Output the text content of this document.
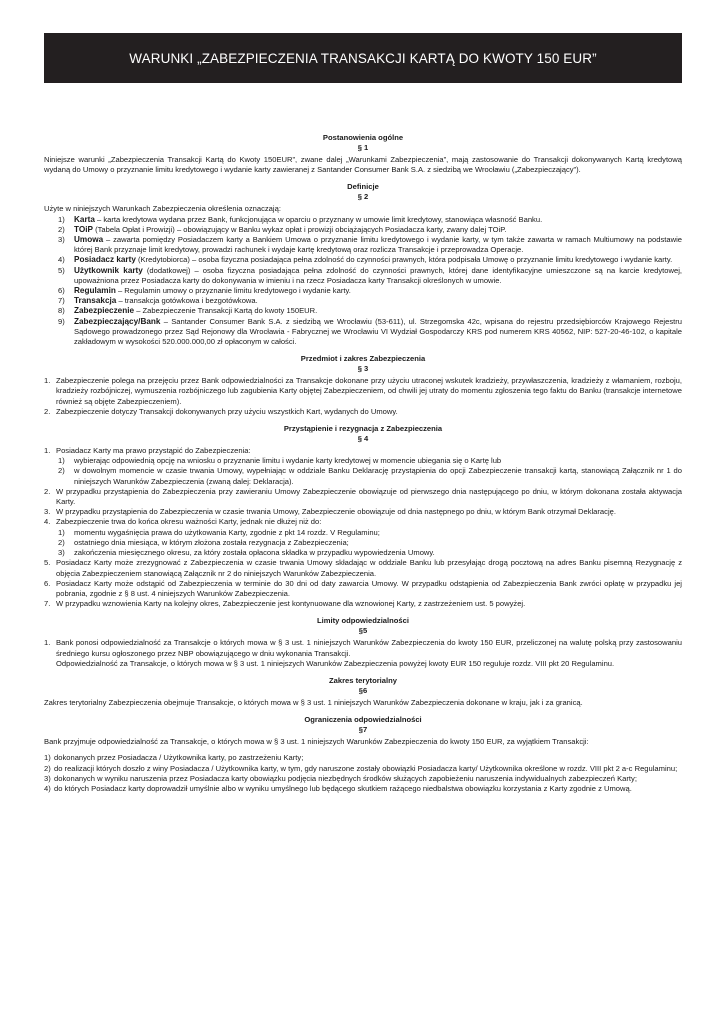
WARUNKI „ZABEZPIECZENIA TRANSAKCJI KARTĄ DO KWOTY 150 EUR”
Postanowienia ogólne
§ 1
Niniejsze warunki „Zabezpieczenia Transakcji Kartą do Kwoty 150EUR”, zwane dalej „Warunkami Zabezpieczenia”, mają zastosowanie do Transakcji dokonywanych Kartą kredytową wydaną do Umowy o przyznanie limitu kredytowego i wydanie karty zawieranej z Santander Consumer Bank S.A. z siedzibą we Wrocławiu („Zabezpieczający”).
Definicje
§ 2
Użyte w niniejszych Warunkach Zabezpieczenia określenia oznaczają:
1) Karta – karta kredytowa wydana przez Bank, funkcjonująca w oparciu o przyznany w umowie limit kredytowy, stanowiąca własność Banku.
2) TOiP (Tabela Opłat i Prowizji) – obowiązujący w Banku wykaz opłat i prowizji obciążających Posiadacza karty, zwany dalej TOiP.
3) Umowa – zawarta pomiędzy Posiadaczem karty a Bankiem Umowa o przyznanie limitu kredytowego i wydanie karty, w tym także zawarta w ramach Multiumowy na podstawie której Bank przyznaje limit kredytowy, prowadzi rachunek i wydaje kartę kredytową oraz rozlicza Transakcje i przeprowadza Operacje.
4) Posiadacz karty (Kredytobiorca) – osoba fizyczna posiadająca pełna zdolność do czynności prawnych, która podpisała Umowę o przyznanie limitu kredytowego i wydanie karty.
5) Użytkownik karty (dodatkowej) – osoba fizyczna posiadająca pełna zdolność do czynności prawnych, której dane identyfikacyjne umieszczone są na karcie kredytowej, upoważniona przez Posiadacza karty do dokonywania w imieniu i na rzecz Posiadacza karty Transakcji określonych w umowie.
6) Regulamin – Regulamin umowy o przyznanie limitu kredytowego i wydanie karty.
7) Transakcja – transakcja gotówkowa i bezgotówkowa.
8) Zabezpieczenie – Zabezpieczenie Transakcji Kartą do kwoty 150EUR.
9) Zabezpieczający/Bank – Santander Consumer Bank S.A. z siedzibą we Wrocławiu (53-611), ul. Strzegomska 42c, wpisana do rejestru przedsiębiorców Krajowego Rejestru Sądowego prowadzonego przez Sąd Rejonowy dla Wrocławia - Fabrycznej we Wrocławiu VI Wydział Gospodarczy KRS pod numerem KRS 40562, NIP: 527-20-46-102, o kapitale zakładowym w wysokości 520.000.000,00 zł opłaconym w całości.
Przedmiot i zakres Zabezpieczenia
§ 3
1. Zabezpieczenie polega na przejęciu przez Bank odpowiedzialności za Transakcje dokonane przy użyciu utraconej wskutek kradzieży, przywłaszczenia, kradzieży z włamaniem, rozboju, kradzieży rozbójniczej, wymuszenia rozbójniczego lub zagubienia Karty objętej Zabezpieczeniem, od chwili jej utraty do momentu zgłoszenia tego faktu do Banku (transakcje internetowe również są objęte Zabezpieczeniem).
2. Zabezpieczenie dotyczy Transakcji dokonywanych przy użyciu wszystkich Kart, wydanych do Umowy.
Przystąpienie i rezygnacja z Zabezpieczenia
§ 4
1. Posiadacz Karty ma prawo przystąpić do Zabezpieczenia:
1) wybierając odpowiednią opcję na wniosku o przyznanie limitu i wydanie karty kredytowej w momencie ubiegania się o Kartę lub
2) w dowolnym momencie w czasie trwania Umowy, wypełniając w oddziale Banku Deklarację przystąpienia do opcji Zabezpieczenie transakcji kartą, stanowiącą Załącznik nr 1 do niniejszych Warunków Zabezpieczenia (zwaną dalej: Deklaracja).
2. W przypadku przystąpienia do Zabezpieczenia przy zawieraniu Umowy Zabezpieczenie obowiązuje od pierwszego dnia następującego po dniu, w którym dokonana została aktywacja Karty.
3. W przypadku przystąpienia do Zabezpieczenia w czasie trwania Umowy, Zabezpieczenie obowiązuje od dnia następnego po dniu, w którym Bank otrzymał Deklarację.
4. Zabezpieczenie trwa do końca okresu ważności Karty, jednak nie dłużej niż do:
1) momentu wygaśnięcia prawa do użytkowania Karty, zgodnie z pkt 14 rozdz. V Regulaminu;
2) ostatniego dnia miesiąca, w którym złożona została rezygnacja z Zabezpieczenia;
3) zakończenia miesięcznego okresu, za który została opłacona składka w przypadku wypowiedzenia Umowy.
5. Posiadacz Karty może zrezygnować z Zabezpieczenia w czasie trwania Umowy składając w oddziale Banku lub przesyłając drogą pocztową na adres Banku pisemną Rezygnację z objęcia Zabezpieczeniem stanowiącą Załącznik nr 2 do niniejszych Warunków Zabezpieczenia.
6. Posiadacz Karty może odstąpić od Zabezpieczenia w terminie do 30 dni od daty zawarcia Umowy. W przypadku odstąpienia od Zabezpieczenia Bank zwróci opłatę w przypadku jej pobrania, zgodnie z § 8 ust. 4 niniejszych Warunków Zabezpieczenia.
7. W przypadku wznowienia Karty na kolejny okres, Zabezpieczenie jest kontynuowane dla wznowionej Karty, z zastrzeżeniem ust. 5 powyżej.
Limity odpowiedzialności
§5
1. Bank ponosi odpowiedzialność za Transakcje o których mowa w § 3 ust. 1 niniejszych Warunków Zabezpieczenia do kwoty 150 EUR, przeliczonej na walutę polską przy zastosowaniu średniego kursu ogłoszonego przez NBP obowiązującego w dniu wykonania Transakcji.
Odpowiedzialność za Transakcje, o których mowa w § 3 ust. 1 niniejszych Warunków Zabezpieczenia powyżej kwoty EUR 150 reguluje rozdz. VIII pkt 20 Regulaminu.
Zakres terytorialny
§6
Zakres terytorialny Zabezpieczenia obejmuje Transakcje, o których mowa w § 3 ust. 1 niniejszych Warunków Zabezpieczenia dokonane w kraju, jak i za granicą.
Ograniczenia odpowiedzialności
§7
Bank przyjmuje odpowiedzialność za Transakcje, o których mowa w § 3 ust. 1 niniejszych Warunków Zabezpieczenia do kwoty 150 EUR, za wyjątkiem Transakcji:
1) dokonanych przez Posiadacza / Użytkownika karty, po zastrzeżeniu Karty;
2) do realizacji których doszło z winy Posiadacza / Użytkownika karty, w tym, gdy naruszone zostały obowiązki Posiadacza karty/ Użytkownika określone w rozdz. VIII pkt 2 a-c Regulaminu;
3) dokonanych w wyniku naruszenia przez Posiadacza karty obowiązku podjęcia niezbędnych środków służących zapobieżeniu naruszenia indywidualnych zabezpieczeń Karty;
4) do których Posiadacz karty doprowadził umyślnie albo w wyniku umyślnego lub będącego skutkiem rażącego niedbalstwa obowiązku korzystania z Karty zgodnie z Umową.
